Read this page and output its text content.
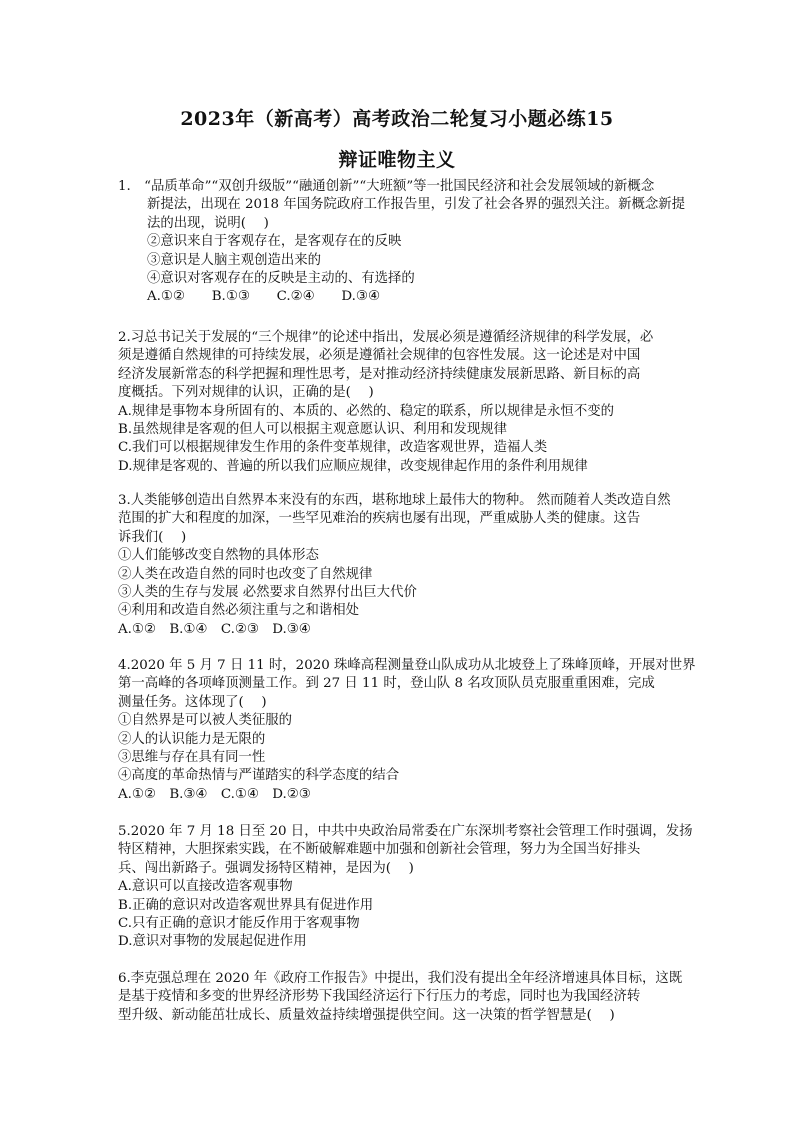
2023年（新高考）高考政治二轮复习小题必练15
辩证唯物主义
1.　“品质革命”“双创升级版”“融通创新”“大班额”等一批国民经济和社会发展领域的新概念
新提法，出现在 2018 年国务院政府工作报告里，引发了社会各界的强烈关注。新概念新提
法的出现，说明(　 )
②意识来自于客观存在，是客观存在的反映
③意识是人脑主观创造出来的
④意识对客观存在的反映是主动的、有选择的
A.①②　　B.①③　　C.②④　　D.③④
2.习总书记关于发展的“三个规律”的论述中指出，发展必须是遵循经济规律的科学发展，必
须是遵循自然规律的可持续发展，必须是遵循社会规律的包容性发展。这一论述是对中国
经济发展新常态的科学把握和理性思考，是对推动经济持续健康发展新思路、新目标的高
度概括。下列对规律的认识，正确的是(　 )
A.规律是事物本身所固有的、本质的、必然的、稳定的联系，所以规律是永恒不变的
B.虽然规律是客观的但人可以根据主观意愿认识、利用和发现规律
C.我们可以根据规律发生作用的条件变革规律，改造客观世界，造福人类
D.规律是客观的、普遍的所以我们应顺应规律，改变规律起作用的条件利用规律
3.人类能够创造出自然界本来没有的东西，堪称地球上最伟大的物种。 然而随着人类改造自然
范围的扩大和程度的加深，一些罕见难治的疾病也屡有出现，严重威胁人类的健康。这告
诉我们(　 )
①人们能够改变自然物的具体形态
②人类在改造自然的同时也改变了自然规律
③人类的生存与发展 必然要求自然界付出巨大代价
④利用和改造自然必须注重与之和谐相处
A.①②　B.①④　C.②③　D.③④
4.2020 年 5 月 7 日 11 时，2020 珠峰高程测量登山队成功从北坡登上了珠峰顶峰，开展对世界
第一高峰的各项峰顶测量工作。到 27 日 11 时，登山队 8 名攻顶队员克服重重困难，完成
测量任务。这体现了(　 )
①自然界是可以被人类征服的
②人的认识能力是无限的
③思维与存在具有同一性
④高度的革命热情与严谨踏实的科学态度的结合
A.①②　B.③④　C.①④　D.②③
5.2020 年 7 月 18 日至 20 日，中共中央政治局常委在广东深圳考察社会管理工作时强调，发扬
特区精神，大胆探索实践，在不断破解难题中加强和创新社会管理，努力为全国当好排头
兵、闯出新路子。强调发扬特区精神，是因为(　 )
A.意识可以直接改造客观事物
B.正确的意识对改造客观世界具有促进作用
C.只有正确的意识才能反作用于客观事物
D.意识对事物的发展起促进作用
6.李克强总理在 2020 年《政府工作报告》中提出，我们没有提出全年经济增速具体目标，这既
是基于疫情和多变的世界经济形势下我国经济运行下行压力的考虑，同时也为我国经济转
型升级、新动能茁壮成长、质量效益持续增强提供空间。这一决策的哲学智慧是(　 )
